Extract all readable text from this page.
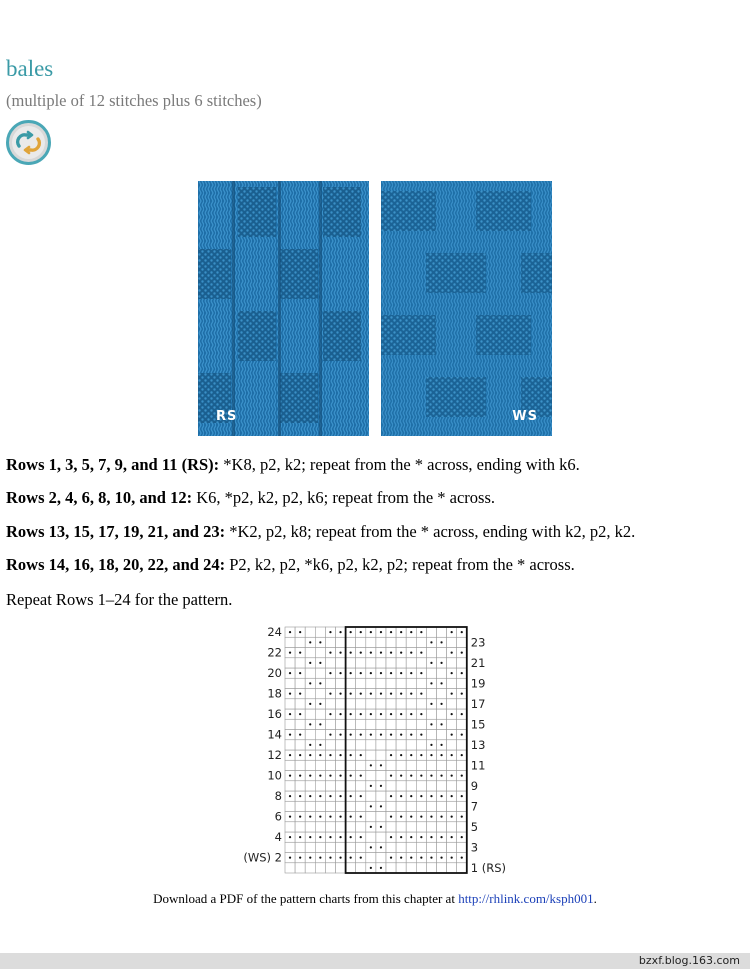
bales
(multiple of 12 stitches plus 6 stitches)
RS	WS
Rows 1, 3, 5, 7, 9, and 11 (RS): *K8, p2, k2; repeat from the * across, ending with k6.
Rows 2, 4, 6, 8, 10, and 12: K6, *p2, k2, p2, k6; repeat from the * across.
Rows 13, 15, 17, 19, 21, and 23: *K2, p2, k8; repeat from the * across, ending with k2, p2, k2.
Rows 14, 16, 18, 20, 22, and 24: P2, k2, p2, *k6, p2, k2, p2; repeat from the * across.
Repeat Rows 1–24 for the pattern.
24
22
20
18
16
14
12
10
8
6
4
(WS) 2
23
21
19
17
15
13
11
9
7
5
3
1 (RS)
Download a PDF of the pattern charts from this chapter at http://rhlink.com/ksph001.
bzxf.blog.163.com
